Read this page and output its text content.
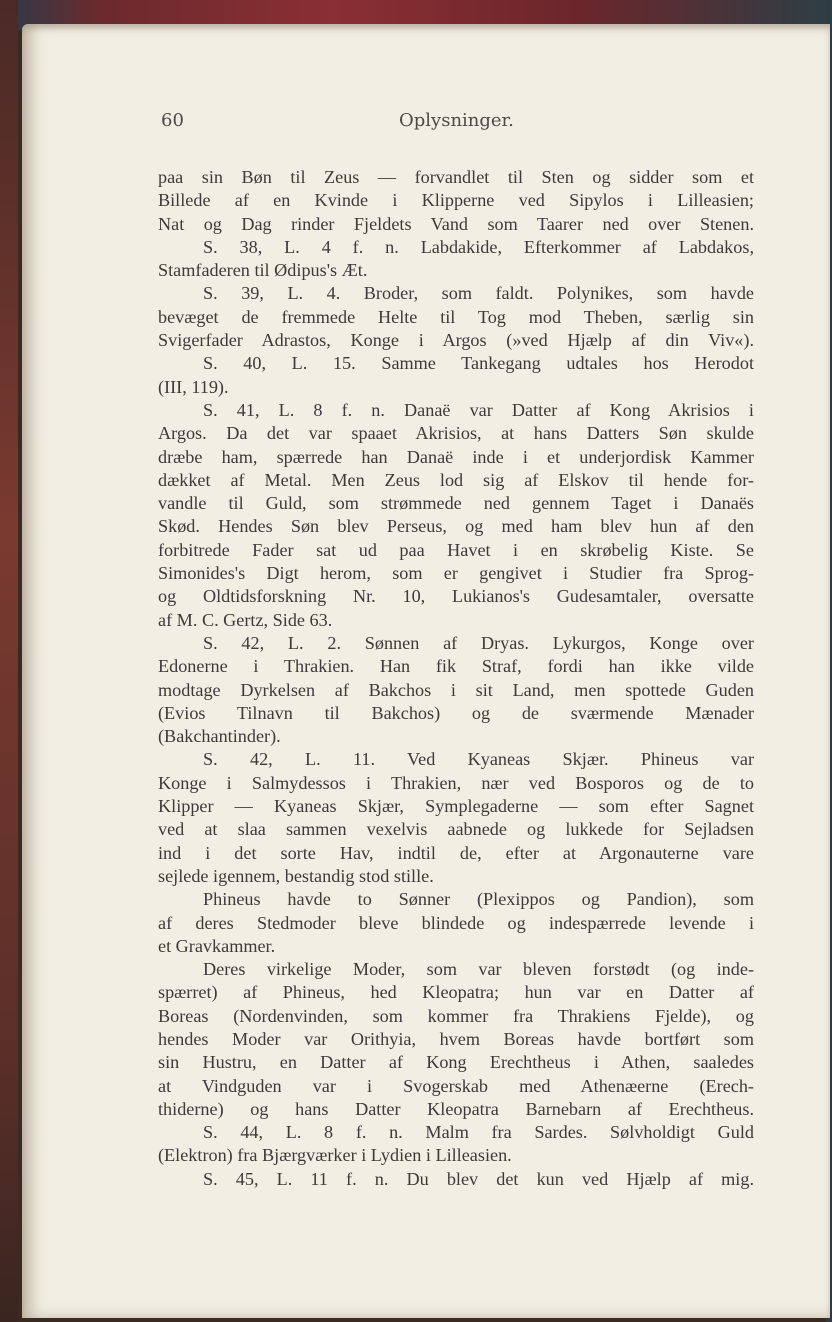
60	Oplysninger.
paa sin Bøn til Zeus — forvandlet til Sten og sidder som et
Billede af en Kvinde i Klipperne ved Sipylos i Lilleasien;
Nat og Dag rinder Fjeldets Vand som Taarer ned over Stenen.
S. 38, L. 4 f. n. Labdakide, Efterkommer af Labdakos,
Stamfaderen til Ødipus's Æt.
S. 39, L. 4. Broder, som faldt. Polynikes, som havde
bevæget de fremmede Helte til Tog mod Theben, særlig sin
Svigerfader Adrastos, Konge i Argos (»ved Hjælp af din Viv«).
S. 40, L. 15. Samme Tankegang udtales hos Herodot
(III, 119).
S. 41, L. 8 f. n. Danaë var Datter af Kong Akrisios i
Argos. Da det var spaaet Akrisios, at hans Datters Søn skulde
dræbe ham, spærrede han Danaë inde i et underjordisk Kammer
dækket af Metal. Men Zeus lod sig af Elskov til hende for-
vandle til Guld, som strømmede ned gennem Taget i Danaës
Skød. Hendes Søn blev Perseus, og med ham blev hun af den
forbitrede Fader sat ud paa Havet i en skrøbelig Kiste. Se
Simonides's Digt herom, som er gengivet i Studier fra Sprog-
og Oldtidsforskning Nr. 10, Lukianos's Gudesamtaler, oversatte
af M. C. Gertz, Side 63.
S. 42, L. 2. Sønnen af Dryas. Lykurgos, Konge over
Edonerne i Thrakien. Han fik Straf, fordi han ikke vilde
modtage Dyrkelsen af Bakchos i sit Land, men spottede Guden
(Evios Tilnavn til Bakchos) og de sværmende Mænader
(Bakchantinder).
S. 42, L. 11. Ved Kyaneas Skjær. Phineus var
Konge i Salmydessos i Thrakien, nær ved Bosporos og de to
Klipper — Kyaneas Skjær, Symplegaderne — som efter Sagnet
ved at slaa sammen vexelvis aabnede og lukkede for Sejladsen
ind i det sorte Hav, indtil de, efter at Argonauterne vare
sejlede igennem, bestandig stod stille.
Phineus havde to Sønner (Plexippos og Pandion), som
af deres Stedmoder bleve blindede og indespærrede levende i
et Gravkammer.
Deres virkelige Moder, som var bleven forstødt (og inde-
spærret) af Phineus, hed Kleopatra; hun var en Datter af
Boreas (Nordenvinden, som kommer fra Thrakiens Fjelde), og
hendes Moder var Orithyia, hvem Boreas havde bortført som
sin Hustru, en Datter af Kong Erechtheus i Athen, saaledes
at Vindguden var i Svogerskab med Athenæerne (Erech-
thiderne) og hans Datter Kleopatra Barnebarn af Erechtheus.
S. 44, L. 8 f. n. Malm fra Sardes. Sølvholdigt Guld
(Elektron) fra Bjærgværker i Lydien i Lilleasien.
S. 45, L. 11 f. n. Du blev det kun ved Hjælp af mig.
